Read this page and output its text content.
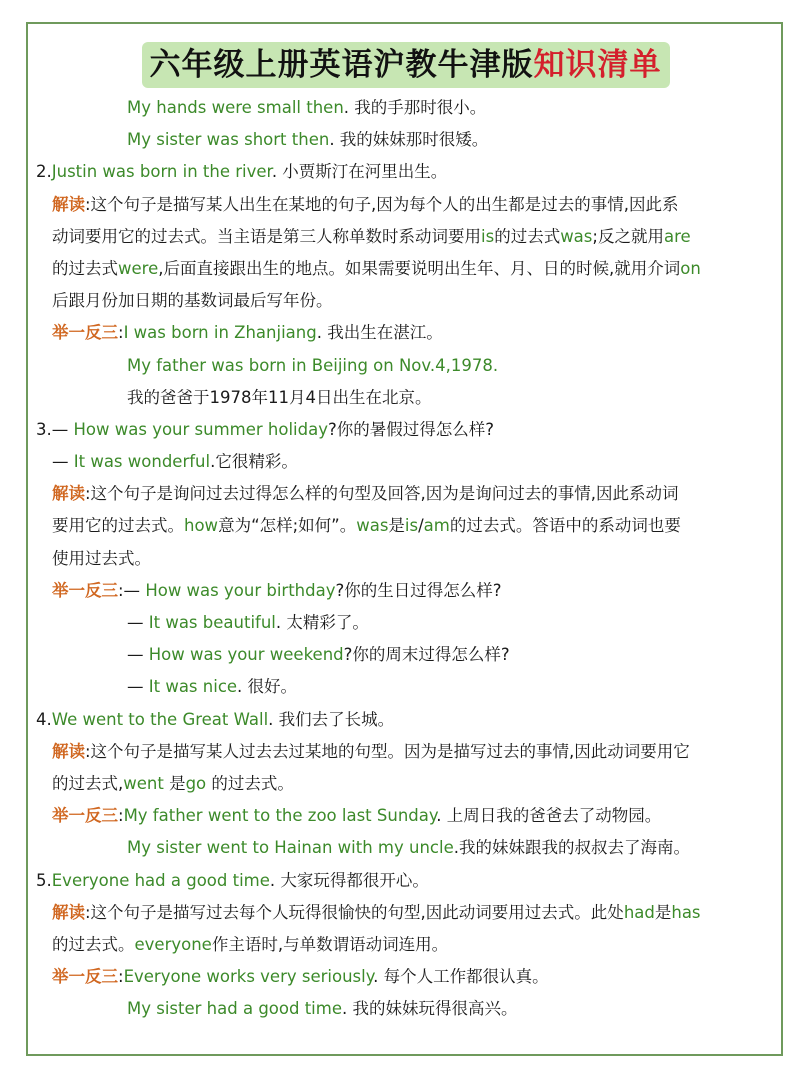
六年级上册英语沪教牛津版知识清单
My hands were small then. 我的手那时很小。
My sister was short then. 我的妹妹那时很矮。
2.Justin was born in the river. 小贾斯汀在河里出生。
解读:这个句子是描写某人出生在某地的句子,因为每个人的出生都是过去的事情,因此系
动词要用它的过去式。当主语是第三人称单数时系动词要用is的过去式was;反之就用are
的过去式were,后面直接跟出生的地点。如果需要说明出生年、月、日的时候,就用介词on
后跟月份加日期的基数词最后写年份。
举一反三:I was born in Zhanjiang. 我出生在湛江。
My father was born in Beijing on Nov.4,1978.
我的爸爸于1978年11月4日出生在北京。
3.— How was your summer holiday?你的暑假过得怎么样?
— It was wonderful.它很精彩。
解读:这个句子是询问过去过得怎么样的句型及回答,因为是询问过去的事情,因此系动词
要用它的过去式。how意为“怎样;如何”。was是is/am的过去式。答语中的系动词也要
使用过去式。
举一反三:— How was your birthday?你的生日过得怎么样?
— It was beautiful. 太精彩了。
— How was your weekend?你的周末过得怎么样?
— It was nice. 很好。
4.We went to the Great Wall. 我们去了长城。
解读:这个句子是描写某人过去去过某地的句型。因为是描写过去的事情,因此动词要用它
的过去式,went 是go 的过去式。
举一反三:My father went to the zoo last Sunday. 上周日我的爸爸去了动物园。
My sister went to Hainan with my uncle.我的妹妹跟我的叔叔去了海南。
5.Everyone had a good time. 大家玩得都很开心。
解读:这个句子是描写过去每个人玩得很愉快的句型,因此动词要用过去式。此处had是has
的过去式。everyone作主语时,与单数谓语动词连用。
举一反三:Everyone works very seriously. 每个人工作都很认真。
My sister had a good time. 我的妹妹玩得很高兴。
